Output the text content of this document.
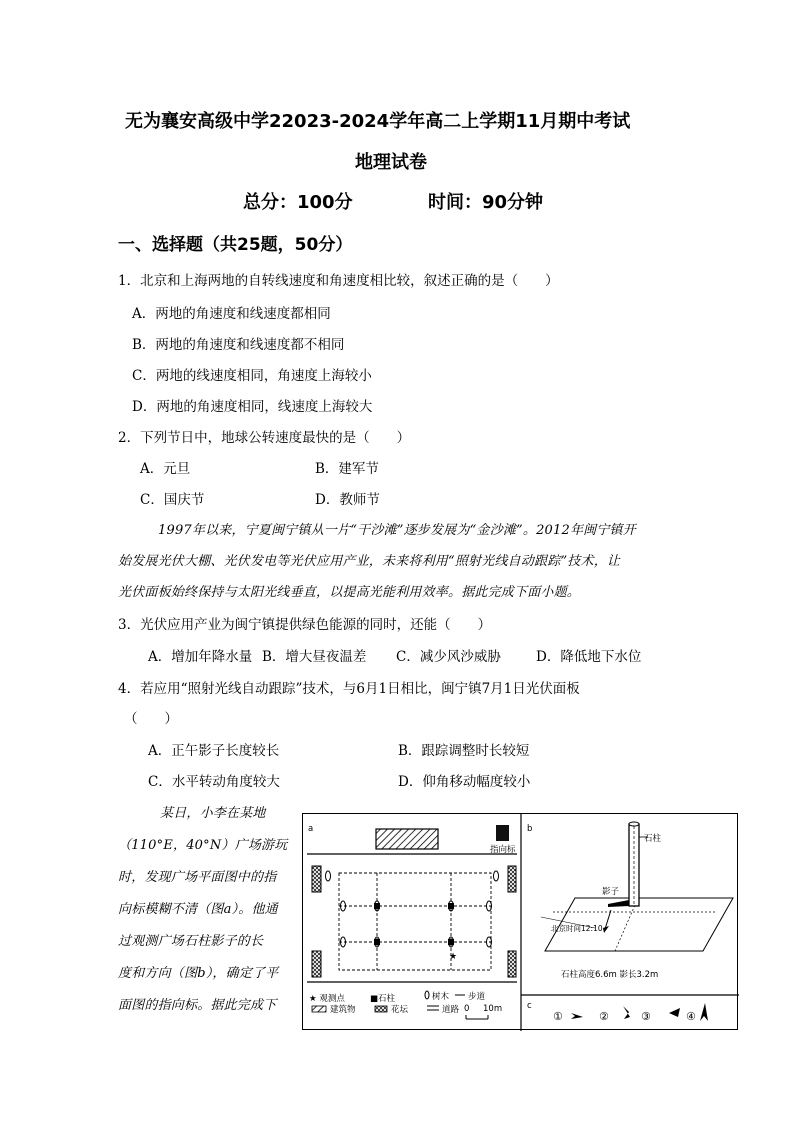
无为襄安高级中学22023-2024学年高二上学期11月期中考试
地理试卷
总分：100分	时间：90分钟
一、选择题（共25题，50分）
1．北京和上海两地的自转线速度和角速度相比较，叙述正确的是（　　）
A．两地的角速度和线速度都相同
B．两地的角速度和线速度都不相同
C．两地的线速度相同，角速度上海较小
D．两地的角速度相同，线速度上海较大
2．下列节日中，地球公转速度最快的是（　　）
A．元旦	B．建军节
C．国庆节	D．教师节
1997年以来，宁夏闽宁镇从一片“干沙滩”逐步发展为“金沙滩”。2012年闽宁镇开
始发展光伏大棚、光伏发电等光伏应用产业，未来将利用“照射光线自动跟踪”技术，让
光伏面板始终保持与太阳光线垂直，以提高光能利用效率。据此完成下面小题。
3．光伏应用产业为闽宁镇提供绿色能源的同时，还能（　　）
A．增加年降水量 B．增大昼夜温差 C．减少风沙威胁	D．降低地下水位
4．若应用“照射光线自动跟踪”技术，与6月1日相比，闽宁镇7月1日光伏面板
（　　）
A．正午影子长度较长	B．跟踪调整时长较短
C．水平转动角度较大	D．仰角移动幅度较小
某日，小李在某地
（110°E，40°N）广场游玩
时，发现广场平面图中的指
向标模糊不清（图a）。他通
过观测广场石柱影子的长
度和方向（图b），确定了平
面图的指向标。据此完成下
★
a
指向标
★ 观测点	■石柱	树木 步道
建筑物	花坛	道路 0 10m
b
石柱
影子
北京时间12:10
石柱高度6.6m 影长3.2m
c
①	②	③	④
